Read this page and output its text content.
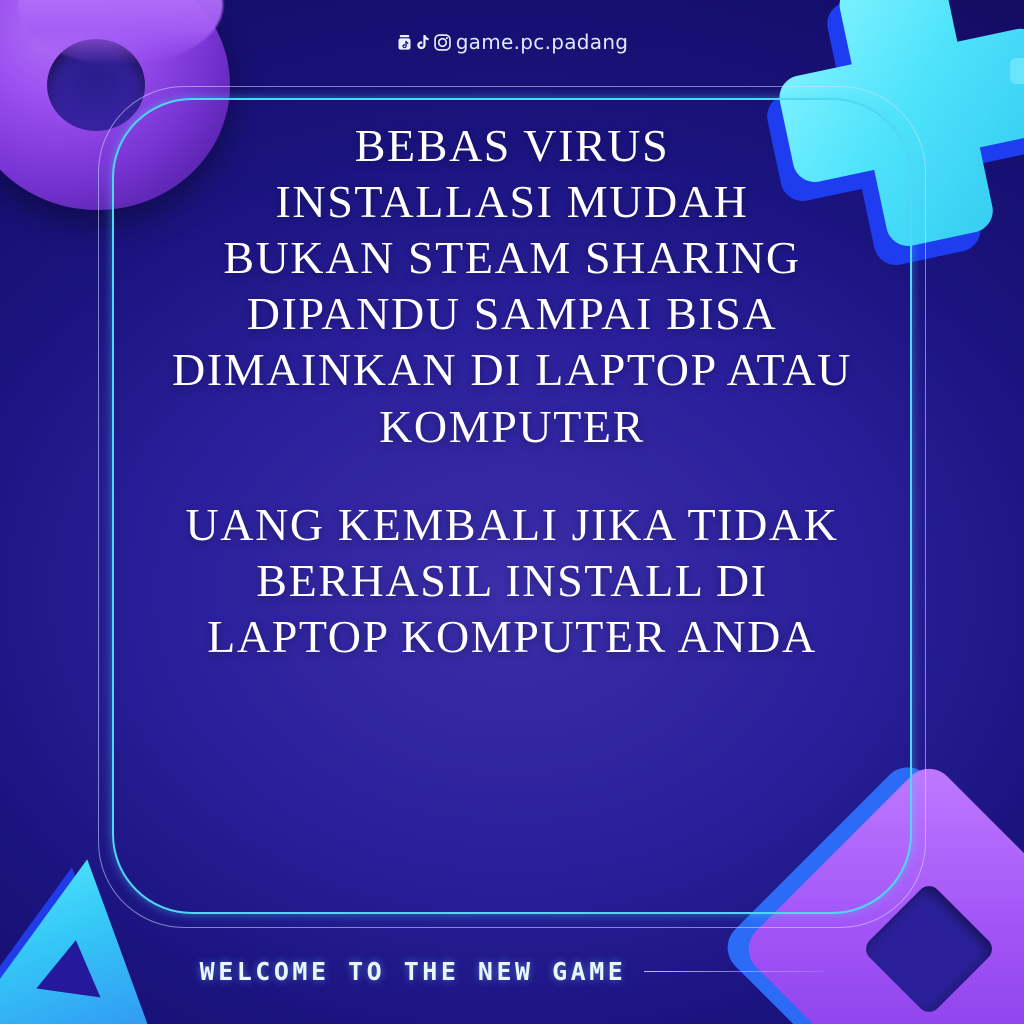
game.pc.padang
BEBAS VIRUS
INSTALLASI MUDAH
BUKAN STEAM SHARING
DIPANDU SAMPAI BISA
DIMAINKAN DI LAPTOP ATAU
KOMPUTER
UANG KEMBALI JIKA TIDAK
BERHASIL INSTALL DI
LAPTOP KOMPUTER ANDA
WELCOME TO THE NEW GAME
